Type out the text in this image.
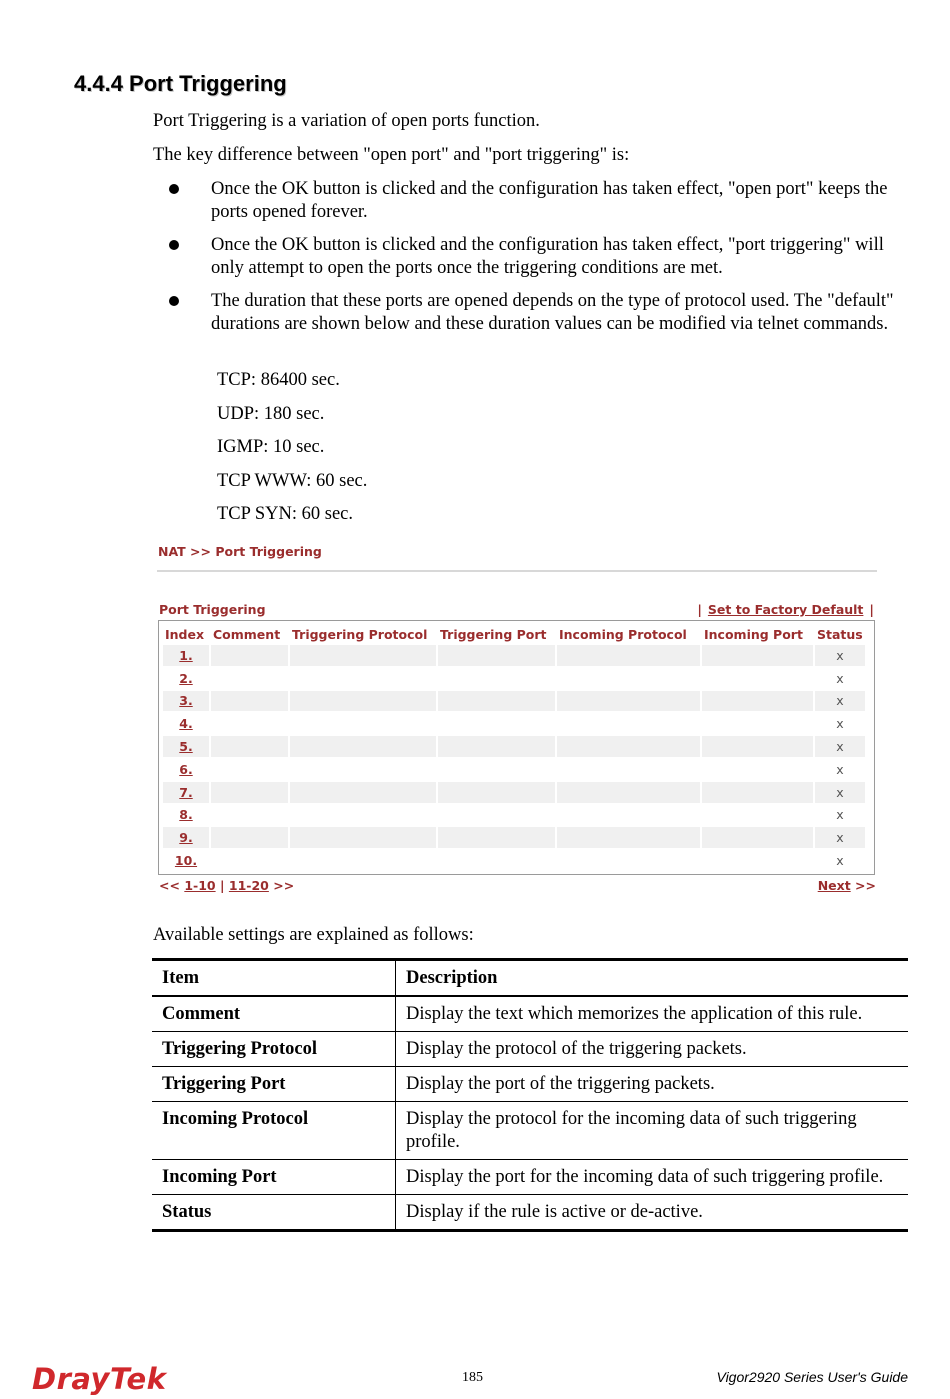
4.4.4 Port Triggering
Port Triggering is a variation of open ports function.
The key difference between "open port" and "port triggering" is:
Once the OK button is clicked and the configuration has taken effect, "open port" keeps the ports opened forever.
Once the OK button is clicked and the configuration has taken effect, "port triggering" will only attempt to open the ports once the triggering conditions are met.
The duration that these ports are opened depends on the type of protocol used. The "default" durations are shown below and these duration values can be modified via telnet commands.
TCP: 86400 sec.
UDP: 180 sec.
IGMP: 10 sec.
TCP WWW: 60 sec.
TCP SYN: 60 sec.
NAT >> Port Triggering
Port Triggering	| Set to Factory Default |
Index	Comment	Triggering Protocol	Triggering Port	Incoming Protocol	Incoming Port	Status
1.						x
2.						x
3.						x
4.						x
5.						x
6.						x
7.						x
8.						x
9.						x
10.						x
<< 1-10 | 11-20 >>	Next >>
Available settings are explained as follows:
Item	Description
Comment	Display the text which memorizes the application of this rule.
Triggering Protocol	Display the protocol of the triggering packets.
Triggering Port	Display the port of the triggering packets.
Incoming Protocol	Display the protocol for the incoming data of such triggering profile.
Incoming Port	Display the port for the incoming data of such triggering profile.
Status	Display if the rule is active or de-active.
DrayTek	185	Vigor2920 Series User's Guide
